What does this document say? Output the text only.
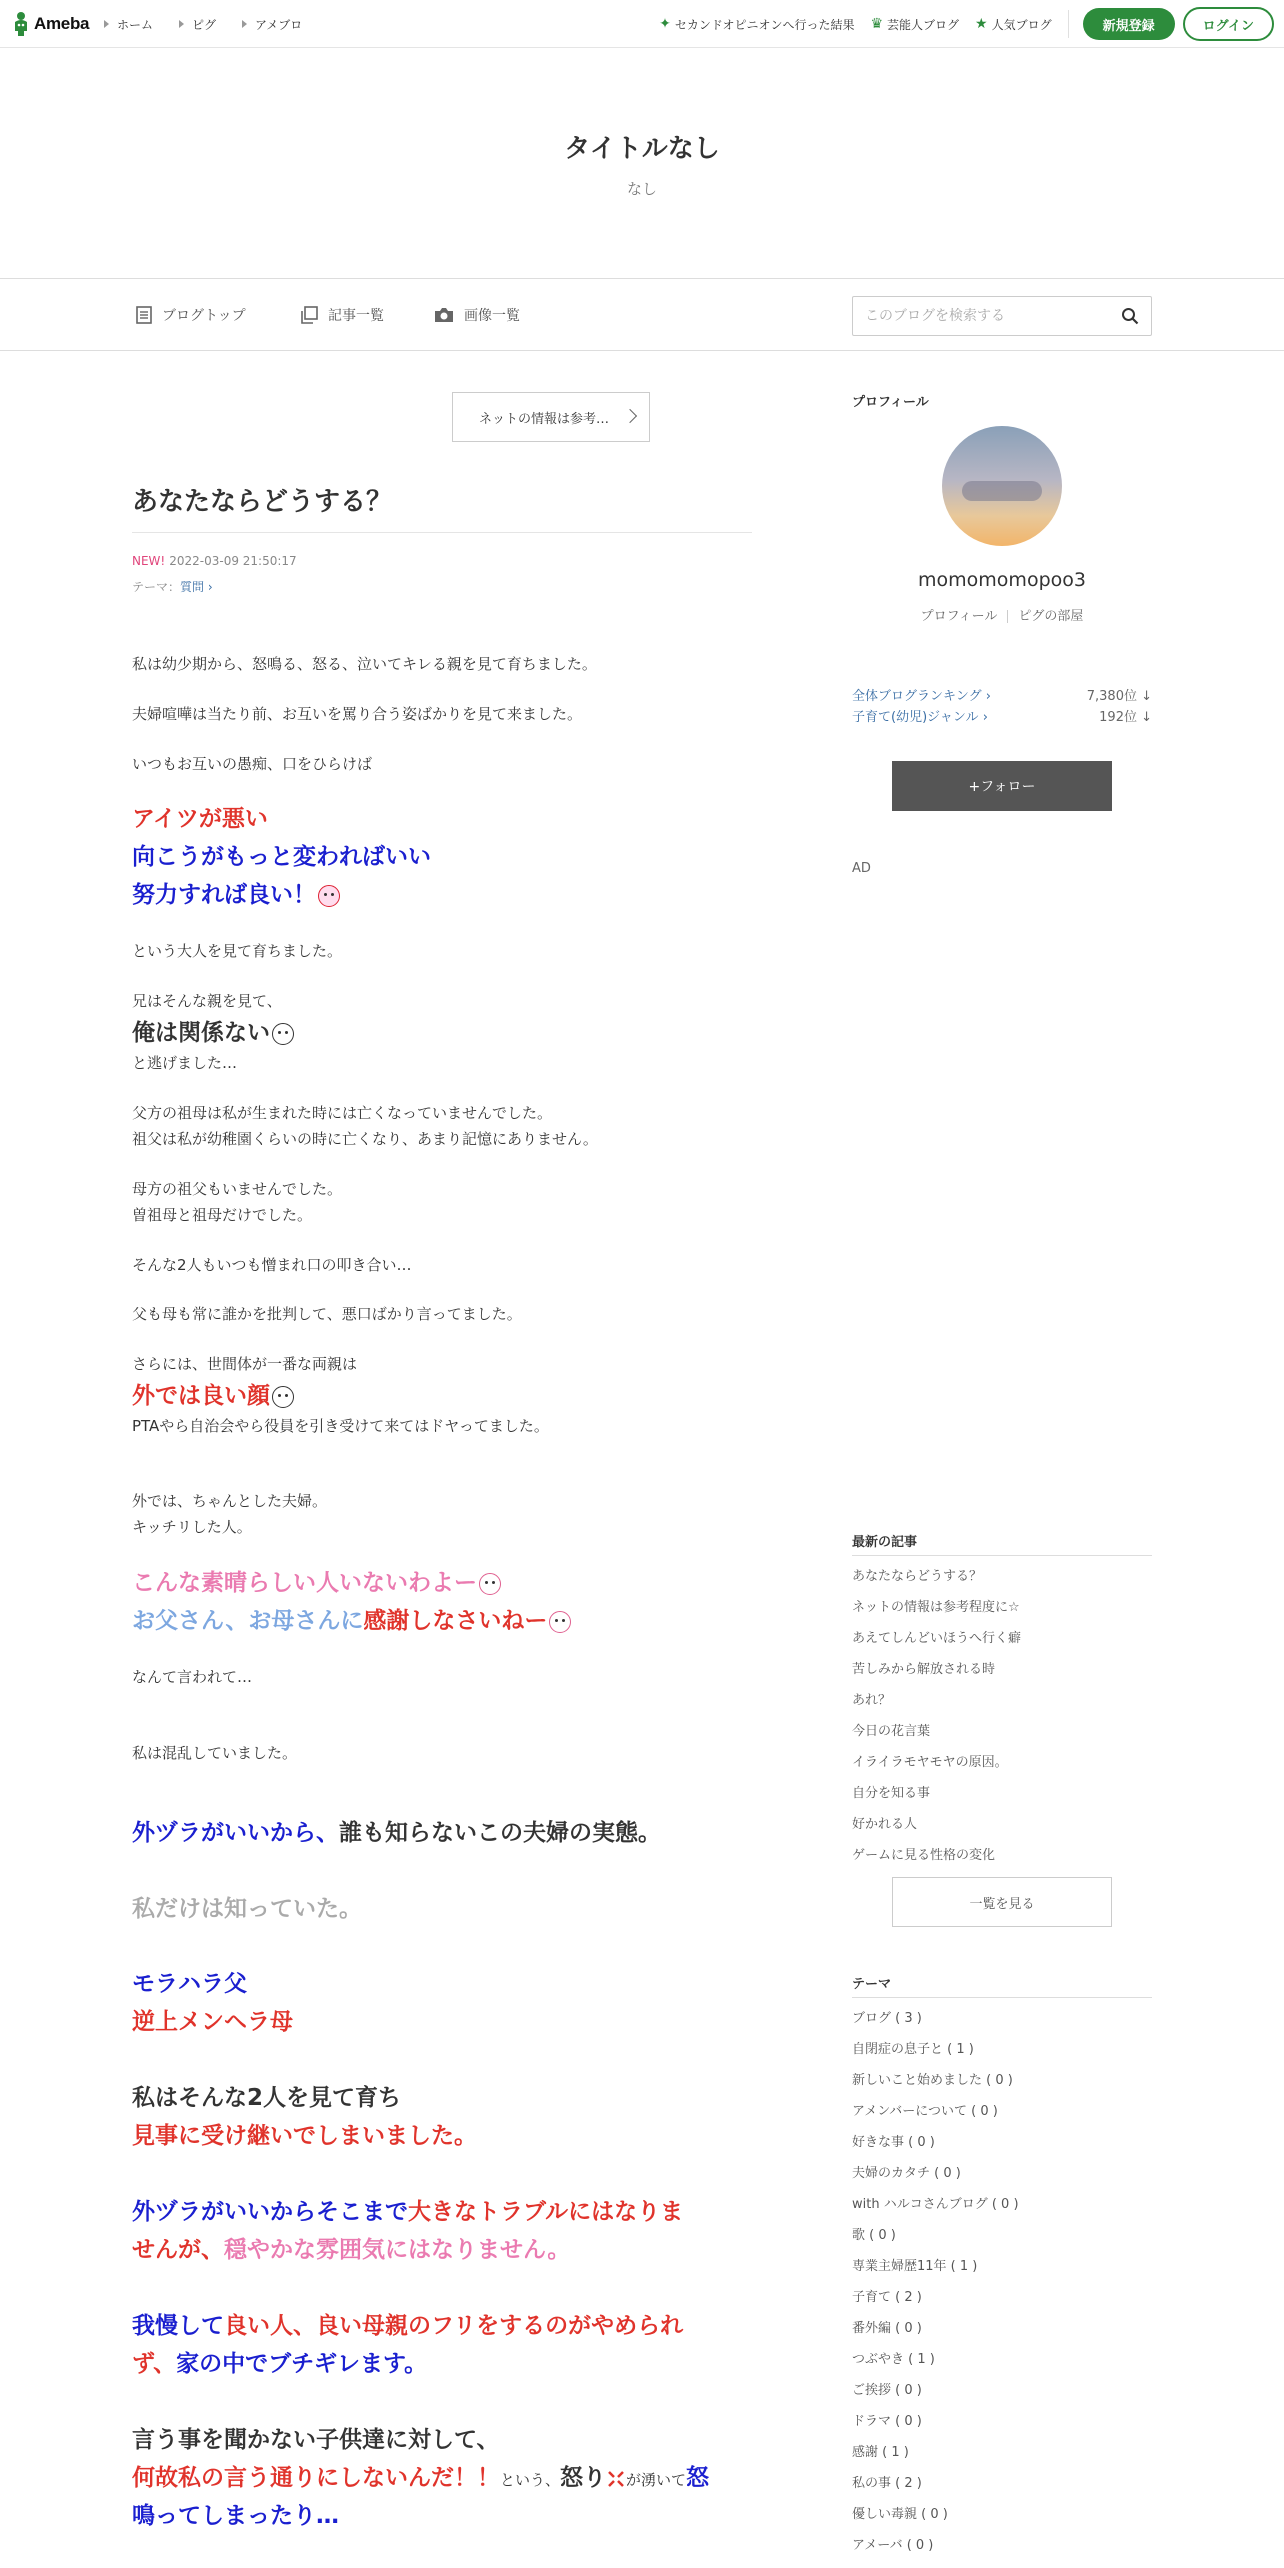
Ameba	ホーム	ピグ	アメブロ	✦ セカンドオピニオンへ行った結果 ♛ 芸能人ブログ ★ 人気ブログ	新規登録	ログイン
タイトルなし
なし
ブログトップ	記事一覧	画像一覧
このブログを検索する
ネットの情報は参考…
あなたならどうする？
NEW! 2022-03-09 21:50:17
テーマ：質問 ›
私は幼少期から、怒鳴る、怒る、泣いてキレる親を見て育ちました。
夫婦喧嘩は当たり前、お互いを罵り合う姿ばかりを見て来ました。
いつもお互いの愚痴、口をひらけば
アイツが悪い
向こうがもっと変わればいい
努力すれば良い！
という大人を見て育ちました。
兄はそんな親を見て、
俺は関係ない
と逃げました…
父方の祖母は私が生まれた時には亡くなっていませんでした。
祖父は私が幼稚園くらいの時に亡くなり、あまり記憶にありません。
母方の祖父もいませんでした。
曽祖母と祖母だけでした。
そんな2人もいつも憎まれ口の叩き合い…
父も母も常に誰かを批判して、悪口ばかり言ってました。
さらには、世間体が一番な両親は
外では良い顔
PTAやら自治会やら役員を引き受けて来てはドヤってました。
外では、ちゃんとした夫婦。
キッチリした人。
こんな素晴らしい人いないわよー
お父さん、お母さんに感謝しなさいねー
なんて言われて…
私は混乱していました。
外ヅラがいいから、誰も知らないこの夫婦の実態。
私だけは知っていた。
モラハラ父
逆上メンヘラ母
私はそんな2人を見て育ち
見事に受け継いでしまいました。
外ヅラがいいからそこまで大きなトラブルにはなりま
せんが、穏やかな雰囲気にはなりません。
我慢して良い人、良い母親のフリをするのがやめられ
ず、家の中でブチギレます。
言う事を聞かない子供達に対して、
何故私の言う通りにしないんだ！！という、怒り が湧いて怒
鳴ってしまったり…
プロフィール
momomomopoo3
プロフィール ピグの部屋
全体ブログランキング ›	7,380位 ↓
子育て(幼児)ジャンル ›	192位 ↓
+フォロー
AD
最新の記事
あなたならどうする？
ネットの情報は参考程度に☆
あえてしんどいほうへ行く癖
苦しみから解放される時
あれ？
今日の花言葉
イライラモヤモヤの原因。
自分を知る事
好かれる人
ゲームに見る性格の変化
一覧を見る
テーマ
ブログ ( 3 )
自閉症の息子と ( 1 )
新しいこと始めました ( 0 )
アメンバーについて ( 0 )
好きな事 ( 0 )
夫婦のカタチ ( 0 )
with ハルコさんブログ ( 0 )
歌 ( 0 )
専業主婦歴11年 ( 1 )
子育て ( 2 )
番外編 ( 0 )
つぶやき ( 1 )
ご挨拶 ( 0 )
ドラマ ( 0 )
感謝 ( 1 )
私の事 ( 2 )
優しい毒親 ( 0 )
アメーバ ( 0 )
